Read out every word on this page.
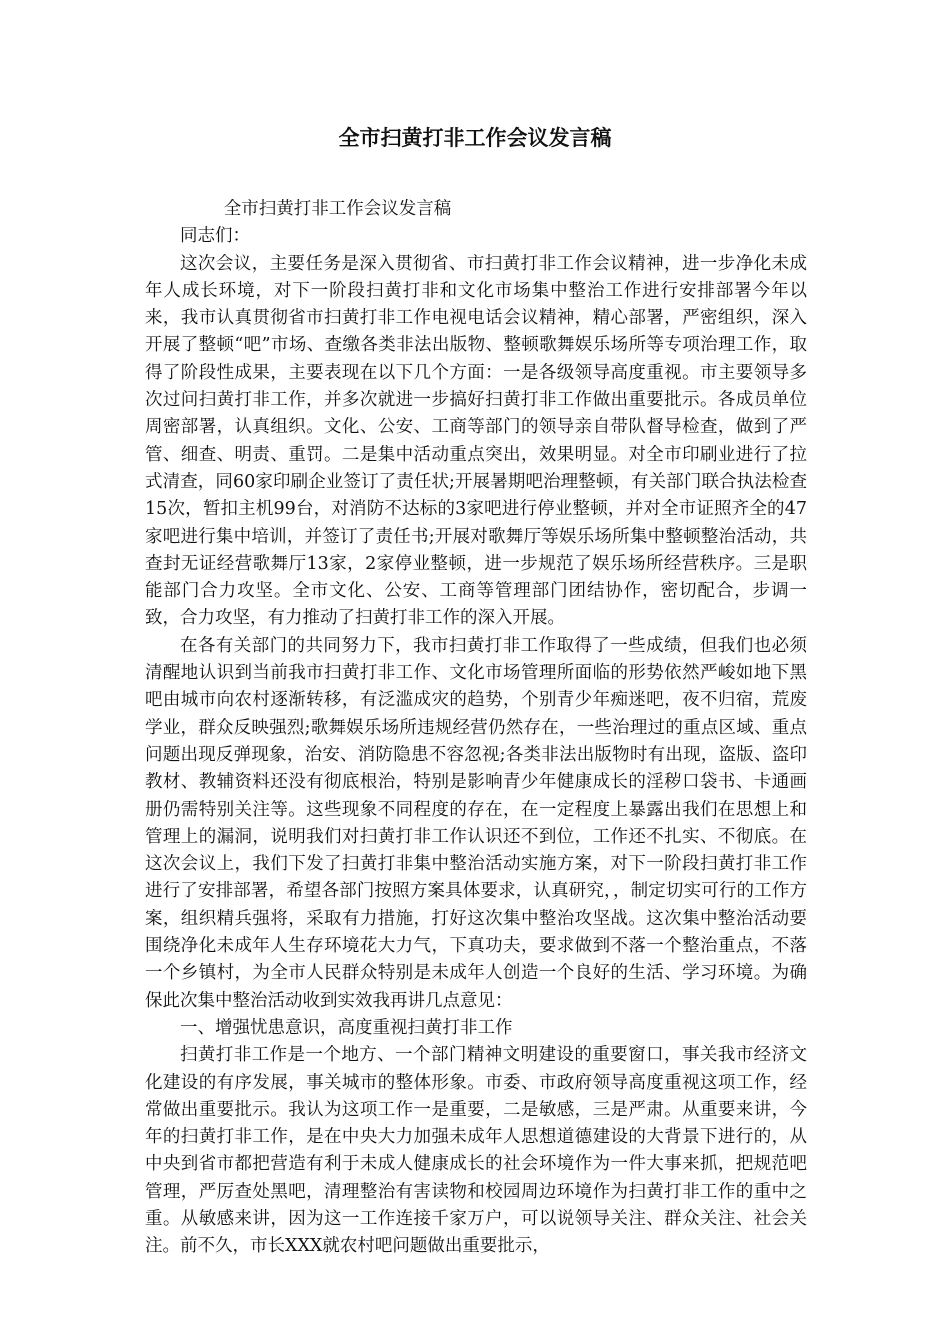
全市扫黄打非工作会议发言稿

全市扫黄打非工作会议发言稿

同志们：

这次会议，主要任务是深入贯彻省、市扫黄打非工作会议精神，进一步净化未成年人成长环境，对下一阶段扫黄打非和文化市场集中整治工作进行安排部署今年以来，我市认真贯彻省市扫黄打非工作电视电话会议精神，精心部署，严密组织，深入开展了整顿“吧”市场、查缴各类非法出版物、整顿歌舞娱乐场所等专项治理工作，取得了阶段性成果，主要表现在以下几个方面：一是各级领导高度重视。市主要领导多次过问扫黄打非工作，并多次就进一步搞好扫黄打非工作做出重要批示。各成员单位周密部署，认真组织。文化、公安、工商等部门的领导亲自带队督导检查，做到了严管、细查、明责、重罚。二是集中活动重点突出，效果明显。对全市印刷业进行了拉式清查，同60家印刷企业签订了责任状;开展暑期吧治理整顿，有关部门联合执法检查15次，暂扣主机99台，对消防不达标的3家吧进行停业整顿，并对全市证照齐全的47家吧进行集中培训，并签订了责任书;开展对歌舞厅等娱乐场所集中整顿整治活动，共查封无证经营歌舞厅13家，2家停业整顿，进一步规范了娱乐场所经营秩序。三是职能部门合力攻坚。全市文化、公安、工商等管理部门团结协作，密切配合，步调一致，合力攻坚，有力推动了扫黄打非工作的深入开展。

在各有关部门的共同努力下，我市扫黄打非工作取得了一些成绩，但我们也必须清醒地认识到当前我市扫黄打非工作、文化市场管理所面临的形势依然严峻如地下黑吧由城市向农村逐渐转移，有泛滥成灾的趋势，个别青少年痴迷吧，夜不归宿，荒废学业，群众反映强烈;歌舞娱乐场所违规经营仍然存在，一些治理过的重点区域、重点问题出现反弹现象，治安、消防隐患不容忽视;各类非法出版物时有出现，盗版、盗印教材、教辅资料还没有彻底根治，特别是影响青少年健康成长的淫秽口袋书、卡通画册仍需特别关注等。这些现象不同程度的存在，在一定程度上暴露出我们在思想上和管理上的漏洞，说明我们对扫黄打非工作认识还不到位，工作还不扎实、不彻底。在这次会议上，我们下发了扫黄打非集中整治活动实施方案，对下一阶段扫黄打非工作进行了安排部署，希望各部门按照方案具体要求，认真研究，，制定切实可行的工作方案，组织精兵强将，采取有力措施，打好这次集中整治攻坚战。这次集中整治活动要围绕净化未成年人生存环境花大力气，下真功夫，要求做到不落一个整治重点，不落一个乡镇村，为全市人民群众特别是未成年人创造一个良好的生活、学习环境。为确保此次集中整治活动收到实效我再讲几点意见：

一、增强忧患意识，高度重视扫黄打非工作

扫黄打非工作是一个地方、一个部门精神文明建设的重要窗口，事关我市经济文化建设的有序发展，事关城市的整体形象。市委、市政府领导高度重视这项工作，经常做出重要批示。我认为这项工作一是重要，二是敏感，三是严肃。从重要来讲，今年的扫黄打非工作，是在中央大力加强未成年人思想道德建设的大背景下进行的，从中央到省市都把营造有利于未成人健康成长的社会环境作为一件大事来抓，把规范吧管理，严厉查处黑吧，清理整治有害读物和校园周边环境作为扫黄打非工作的重中之重。从敏感来讲，因为这一工作连接千家万户，可以说领导关注、群众关注、社会关注。前不久，市长XXX就农村吧问题做出重要批示，
